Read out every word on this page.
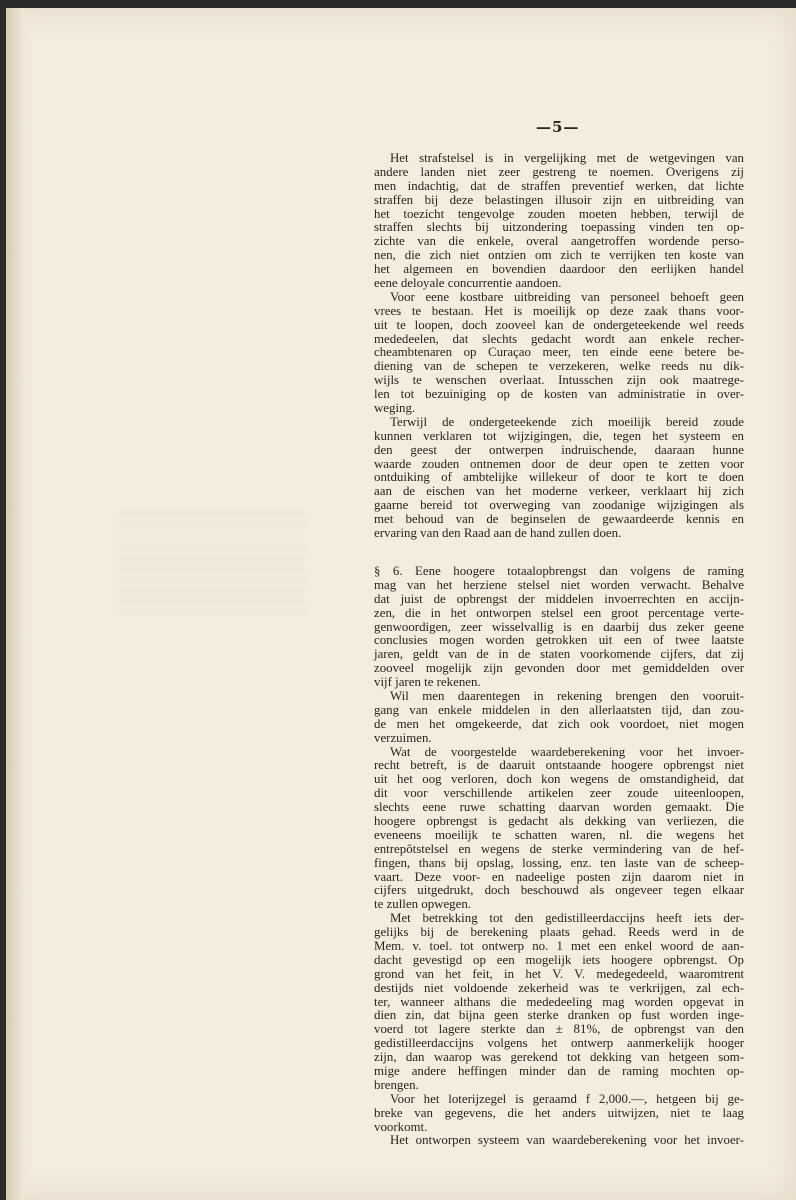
—5—
Het strafstelsel is in vergelijking met de wetgevingen van
andere landen niet zeer gestreng te noemen. Overigens zij
men indachtig, dat de straffen preventief werken, dat lichte
straffen bij deze belastingen illusoir zijn en uitbreiding van
het toezicht tengevolge zouden moeten hebben, terwijl de
straffen slechts bij uitzondering toepassing vinden ten op-
zichte van die enkele, overal aangetroffen wordende perso-
nen, die zich niet ontzien om zich te verrijken ten koste van
het algemeen en bovendien daardoor den eerlijken handel
eene deloyale concurrentie aandoen.
Voor eene kostbare uitbreiding van personeel behoeft geen
vrees te bestaan. Het is moeilijk op deze zaak thans voor-
uit te loopen, doch zooveel kan de ondergeteekende wel reeds
mededeelen, dat slechts gedacht wordt aan enkele recher-
cheambtenaren op Curaçao meer, ten einde eene betere be-
diening van de schepen te verzekeren, welke reeds nu dik-
wijls te wenschen overlaat. Intusschen zijn ook maatrege-
len tot bezuiniging op de kosten van administratie in over-
weging.
Terwijl de ondergeteekende zich moeilijk bereid zoude
kunnen verklaren tot wijzigingen, die, tegen het systeem en
den geest der ontwerpen indruischende, daaraan hunne
waarde zouden ontnemen door de deur open te zetten voor
ontduiking of ambtelijke willekeur of door te kort te doen
aan de eischen van het moderne verkeer, verklaart hij zich
gaarne bereid tot overweging van zoodanige wijzigingen als
met behoud van de beginselen de gewaardeerde kennis en
ervaring van den Raad aan de hand zullen doen.
§ 6. Eene hoogere totaalopbrengst dan volgens de raming
mag van het herziene stelsel niet worden verwacht. Behalve
dat juist de opbrengst der middelen invoerrechten en accijn-
zen, die in het ontworpen stelsel een groot percentage verte-
genwoordigen, zeer wisselvallig is en daarbij dus zeker geene
conclusies mogen worden getrokken uit een of twee laatste
jaren, geldt van de in de staten voorkomende cijfers, dat zij
zooveel mogelijk zijn gevonden door met gemiddelden over
vijf jaren te rekenen.
Wil men daarentegen in rekening brengen den vooruit-
gang van enkele middelen in den allerlaatsten tijd, dan zou-
de men het omgekeerde, dat zich ook voordoet, niet mogen
verzuimen.
Wat de voorgestelde waardeberekening voor het invoer-
recht betreft, is de daaruit ontstaande hoogere opbrengst niet
uit het oog verloren, doch kon wegens de omstandigheid, dat
dit voor verschillende artikelen zeer zoude uiteenloopen,
slechts eene ruwe schatting daarvan worden gemaakt. Die
hoogere opbrengst is gedacht als dekking van verliezen, die
eveneens moeilijk te schatten waren, nl. die wegens het
entrepôtstelsel en wegens de sterke vermindering van de hef-
fingen, thans bij opslag, lossing, enz. ten laste van de scheep-
vaart. Deze voor- en nadeelige posten zijn daarom niet in
cijfers uitgedrukt, doch beschouwd als ongeveer tegen elkaar
te zullen opwegen.
Met betrekking tot den gedistilleerdaccijns heeft iets der-
gelijks bij de berekening plaats gehad. Reeds werd in de
Mem. v. toel. tot ontwerp no. 1 met een enkel woord de aan-
dacht gevestigd op een mogelijk iets hoogere opbrengst. Op
grond van het feit, in het V. V. medegedeeld, waaromtrent
destijds niet voldoende zekerheid was te verkrijgen, zal ech-
ter, wanneer althans die mededeeling mag worden opgevat in
dien zin, dat bijna geen sterke dranken op fust worden inge-
voerd tot lagere sterkte dan ± 81%, de opbrengst van den
gedistilleerdaccijns volgens het ontwerp aanmerkelijk hooger
zijn, dan waarop was gerekend tot dekking van hetgeen som-
mige andere heffingen minder dan de raming mochten op-
brengen.
Voor het loterijzegel is geraamd f 2,000.—, hetgeen bij ge-
breke van gegevens, die het anders uitwijzen, niet te laag
voorkomt.
Het ontworpen systeem van waardeberekening voor het invoer-
